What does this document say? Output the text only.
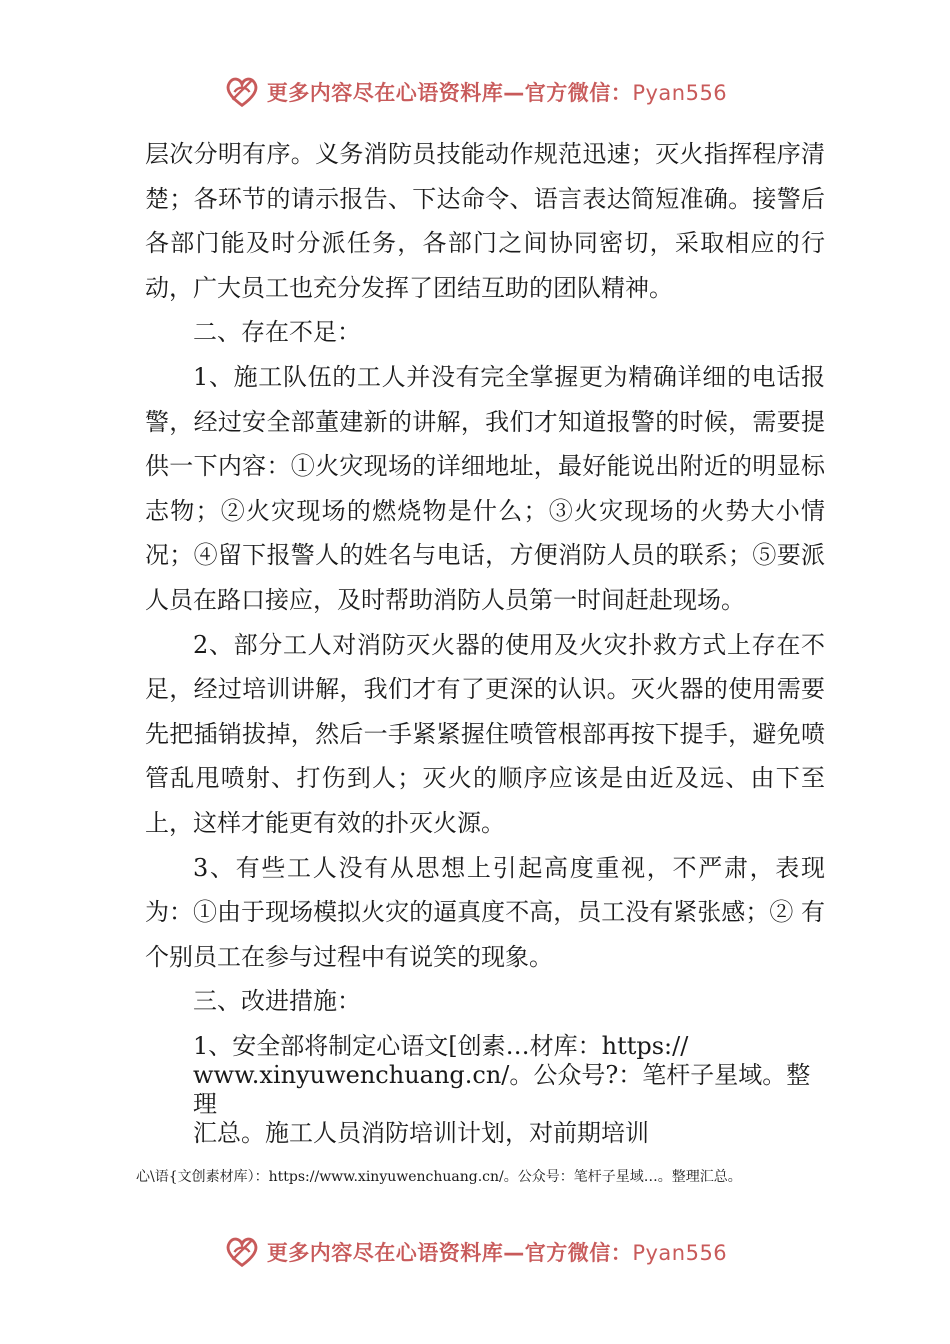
更多内容尽在心语资料库—官方微信：Pyan556

层次分明有序。义务消防员技能动作规范迅速；灭火指挥程序清楚；各环节的请示报告、下达命令、语言表达简短准确。接警后各部门能及时分派任务，各部门之间协同密切，采取相应的行动，广大员工也充分发挥了团结互助的团队精神。

二、存在不足：

1、施工队伍的工人并没有完全掌握更为精确详细的电话报警，经过安全部董建新的讲解，我们才知道报警的时候，需要提供一下内容：①火灾现场的详细地址，最好能说出附近的明显标志物；②火灾现场的燃烧物是什么；③火灾现场的火势大小情况；④留下报警人的姓名与电话，方便消防人员的联系；⑤要派人员在路口接应，及时帮助消防人员第一时间赶赴现场。

2、部分工人对消防灭火器的使用及火灾扑救方式上存在不足，经过培训讲解，我们才有了更深的认识。灭火器的使用需要先把插销拔掉，然后一手紧紧握住喷管根部再按下提手，避免喷管乱甩喷射、打伤到人；灭火的顺序应该是由近及远、由下至上，这样才能更有效的扑灭火源。

3、有些工人没有从思想上引起高度重视，不严肃，表现为：①由于现场模拟火灾的逼真度不高，员工没有紧张感；② 有个别员工在参与过程中有说笑的现象。

三、改进措施：

1、安全部将制定心语文[创素…材库：https://
www.xinyuwenchuang.cn/。公众号?：笔杆子星域。整理
汇总。施工人员消防培训计划，对前期培训
心\语{文创素材库）：https://www.xinyuwenchuang.cn/。公众号：笔杆子星域…。整理汇总。
更多内容尽在心语资料库—官方微信：Pyan556
